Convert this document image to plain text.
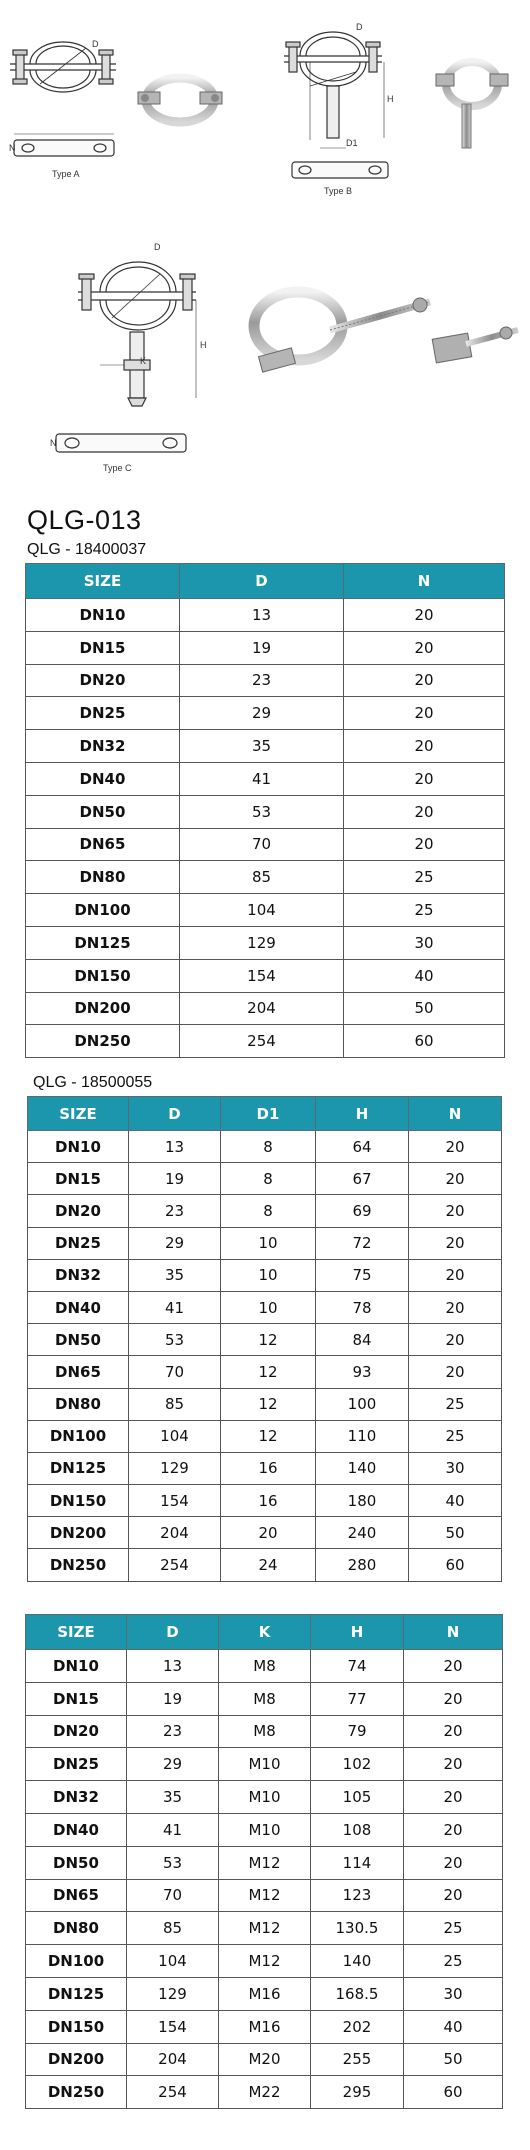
Type A
D
N
Type B
D
H
D1
Type C
D
H
K
N
QLG-013
QLG - 18400037
SIZE	D	N
DN10	13	20
DN15	19	20
DN20	23	20
DN25	29	20
DN32	35	20
DN40	41	20
DN50	53	20
DN65	70	20
DN80	85	25
DN100	104	25
DN125	129	30
DN150	154	40
DN200	204	50
DN250	254	60
QLG - 18500055
SIZE	D	D1	H	N
DN10	13	8	64	20
DN15	19	8	67	20
DN20	23	8	69	20
DN25	29	10	72	20
DN32	35	10	75	20
DN40	41	10	78	20
DN50	53	12	84	20
DN65	70	12	93	20
DN80	85	12	100	25
DN100	104	12	110	25
DN125	129	16	140	30
DN150	154	16	180	40
DN200	204	20	240	50
DN250	254	24	280	60
SIZE	D	K	H	N
DN10	13	M8	74	20
DN15	19	M8	77	20
DN20	23	M8	79	20
DN25	29	M10	102	20
DN32	35	M10	105	20
DN40	41	M10	108	20
DN50	53	M12	114	20
DN65	70	M12	123	20
DN80	85	M12	130.5	25
DN100	104	M12	140	25
DN125	129	M16	168.5	30
DN150	154	M16	202	40
DN200	204	M20	255	50
DN250	254	M22	295	60
